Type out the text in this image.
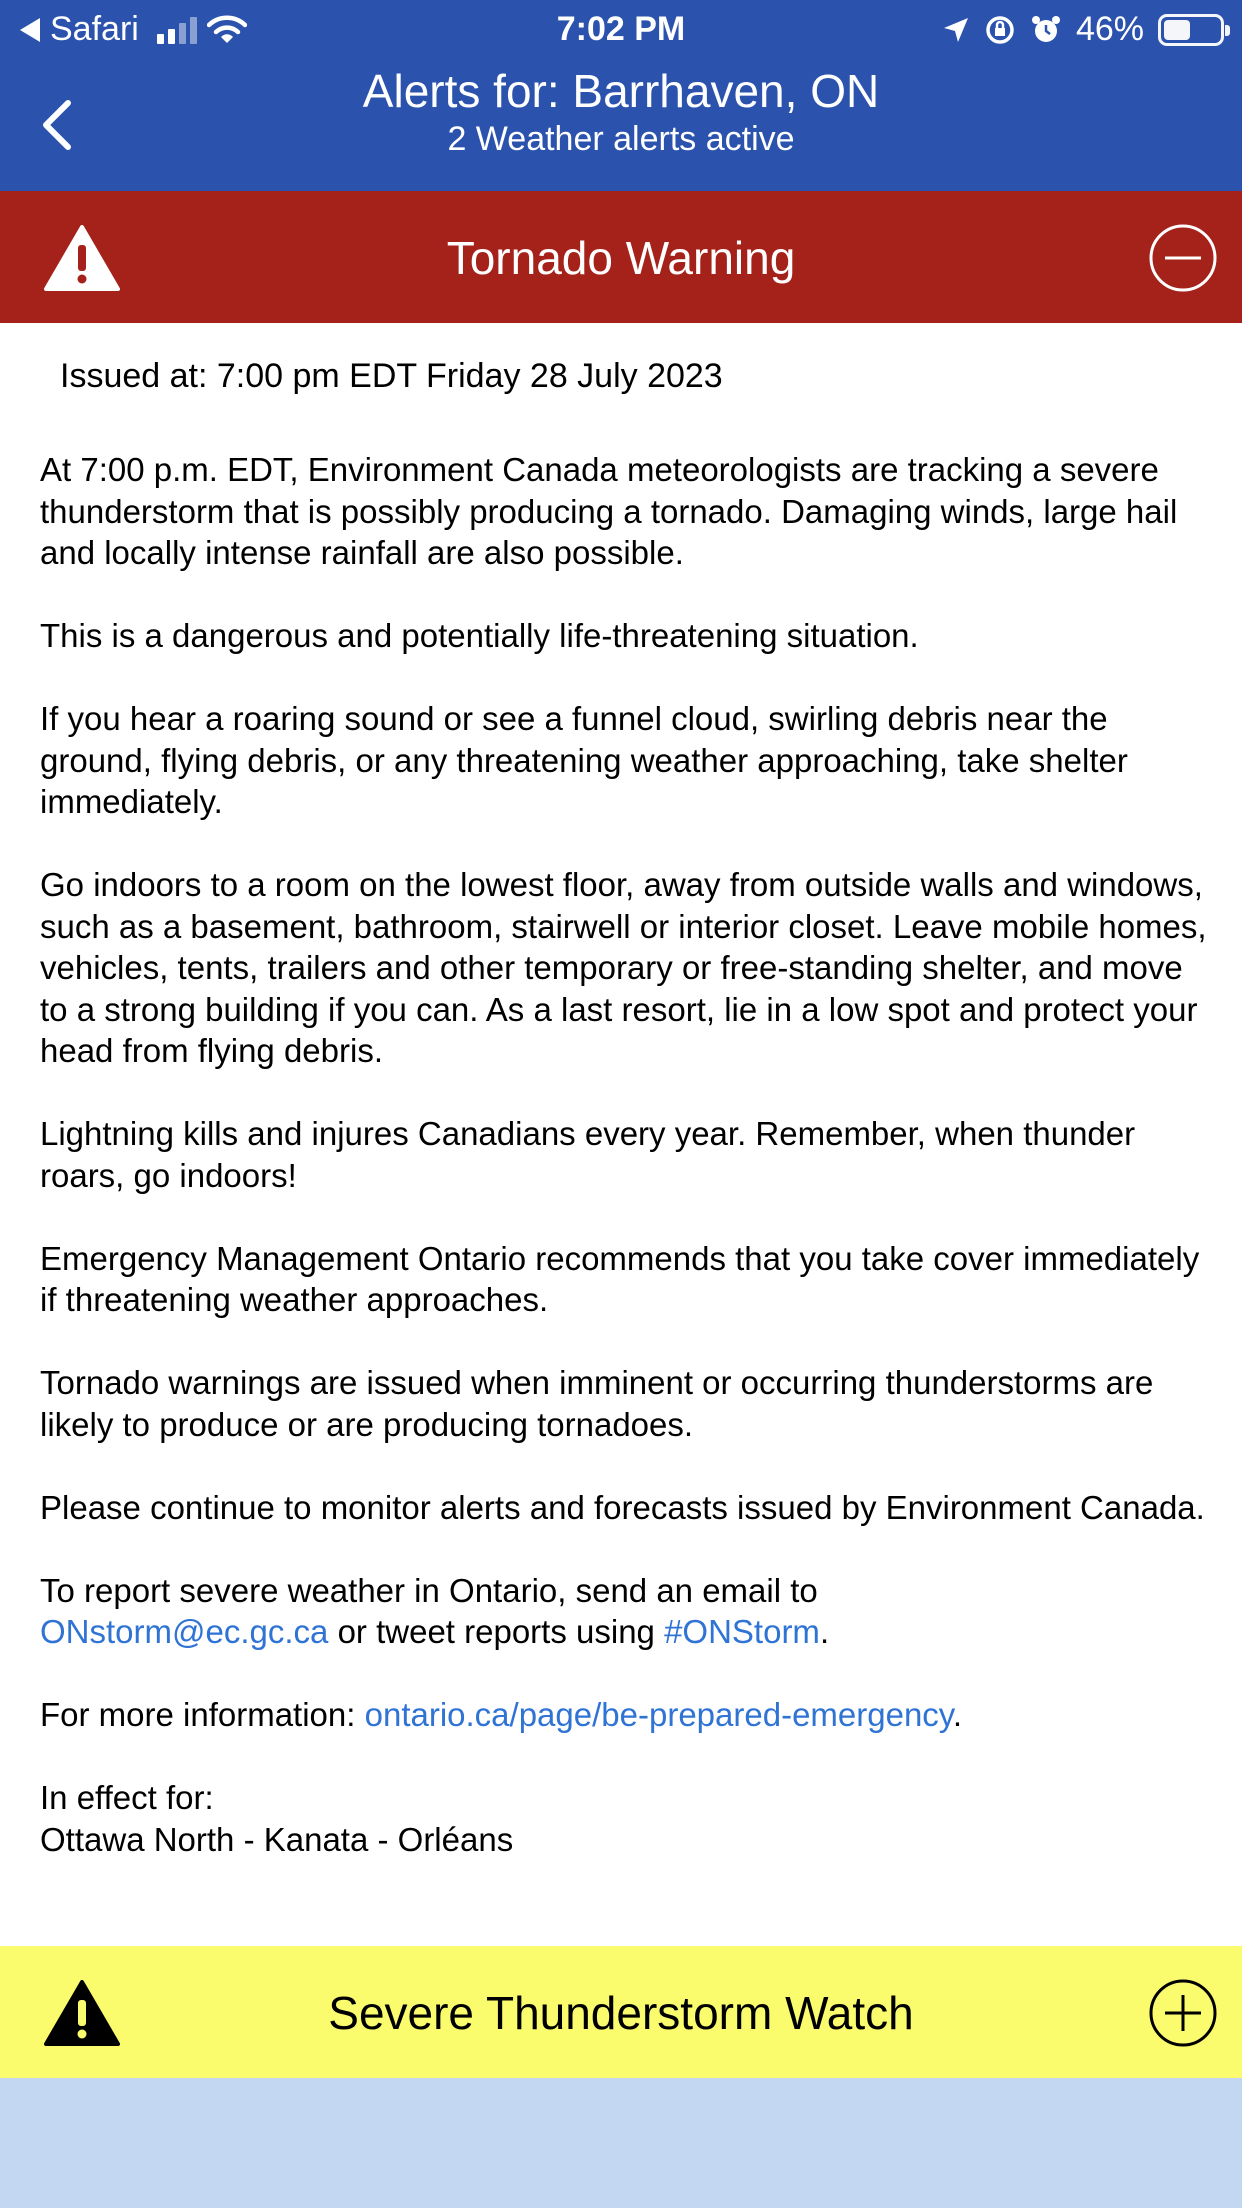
Safari	7:02 PM	46%
Alerts for: Barrhaven, ON
2 Weather alerts active
Tornado Warning
Issued at: 7:00 pm EDT Friday 28 July 2023

At 7:00 p.m. EDT, Environment Canada meteorologists are tracking a severe thunderstorm that is possibly producing a tornado. Damaging winds, large hail and locally intense rainfall are also possible.

This is a dangerous and potentially life-threatening situation.

If you hear a roaring sound or see a funnel cloud, swirling debris near the ground, flying debris, or any threatening weather approaching, take shelter immediately.

Go indoors to a room on the lowest floor, away from outside walls and windows, such as a basement, bathroom, stairwell or interior closet. Leave mobile homes, vehicles, tents, trailers and other temporary or free-standing shelter, and move to a strong building if you can. As a last resort, lie in a low spot and protect your head from flying debris.

Lightning kills and injures Canadians every year. Remember, when thunder roars, go indoors!

Emergency Management Ontario recommends that you take cover immediately if threatening weather approaches.

Tornado warnings are issued when imminent or occurring thunderstorms are likely to produce or are producing tornadoes.

Please continue to monitor alerts and forecasts issued by Environment Canada.

To report severe weather in Ontario, send an email to
ONstorm@ec.gc.ca or tweet reports using #ONStorm.

For more information: ontario.ca/page/be-prepared-emergency.

In effect for:
Ottawa North - Kanata - Orléans

Severe Thunderstorm Watch
